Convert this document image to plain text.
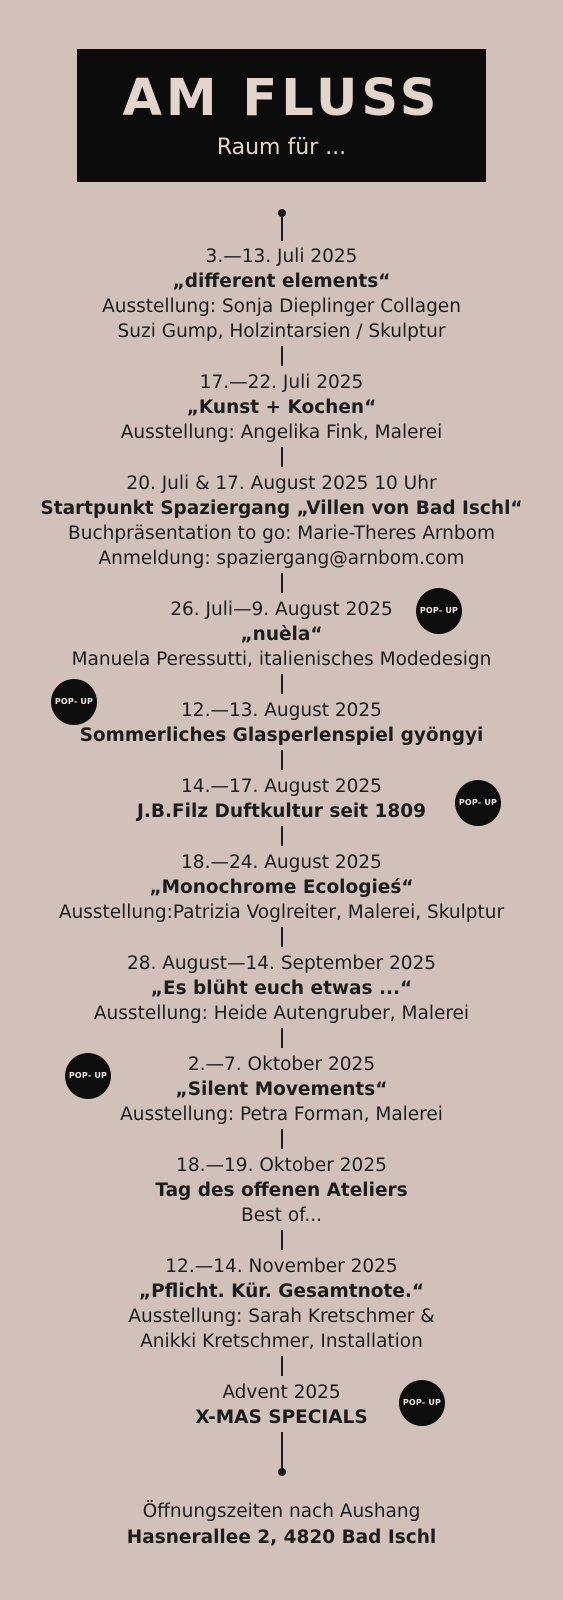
AM FLUSS
Raum für ...
3.—13. Juli 2025
„different elements“
Ausstellung: Sonja Dieplinger Collagen
Suzi Gump, Holzintarsien / Skulptur
17.—22. Juli 2025
„Kunst + Kochen“
Ausstellung: Angelika Fink, Malerei
20. Juli & 17. August 2025 10 Uhr
Startpunkt Spaziergang „Villen von Bad Ischl“
Buchpräsentation to go: Marie-Theres Arnbom
Anmeldung: spaziergang@arnbom.com
26. Juli—9. August 2025	POP- UP
„nuèla“
Manuela Peressutti, italienisches Modedesign
POP- UP	12.—13. August 2025
Sommerliches Glasperlenspiel gyöngyi
14.—17. August 2025
J.B.Filz Duftkultur seit 1809	POP- UP
18.—24. August 2025
„Monochrome Ecologieś“
Ausstellung:Patrizia Voglreiter, Malerei, Skulptur
28. August—14. September 2025
„Es blüht euch etwas ...“
Ausstellung: Heide Autengruber, Malerei
POP- UP
2.—7. Oktober 2025
„Silent Movements“
Ausstellung: Petra Forman, Malerei
18.—19. Oktober 2025
Tag des offenen Ateliers
Best of...
12.—14. November 2025
„Pflicht. Kür. Gesamtnote.“
Ausstellung: Sarah Kretschmer &
Anikki Kretschmer, Installation
Advent 2025
X-MAS SPECIALS
POP- UP
Öffnungszeiten nach Aushang
Hasnerallee 2, 4820 Bad Ischl
